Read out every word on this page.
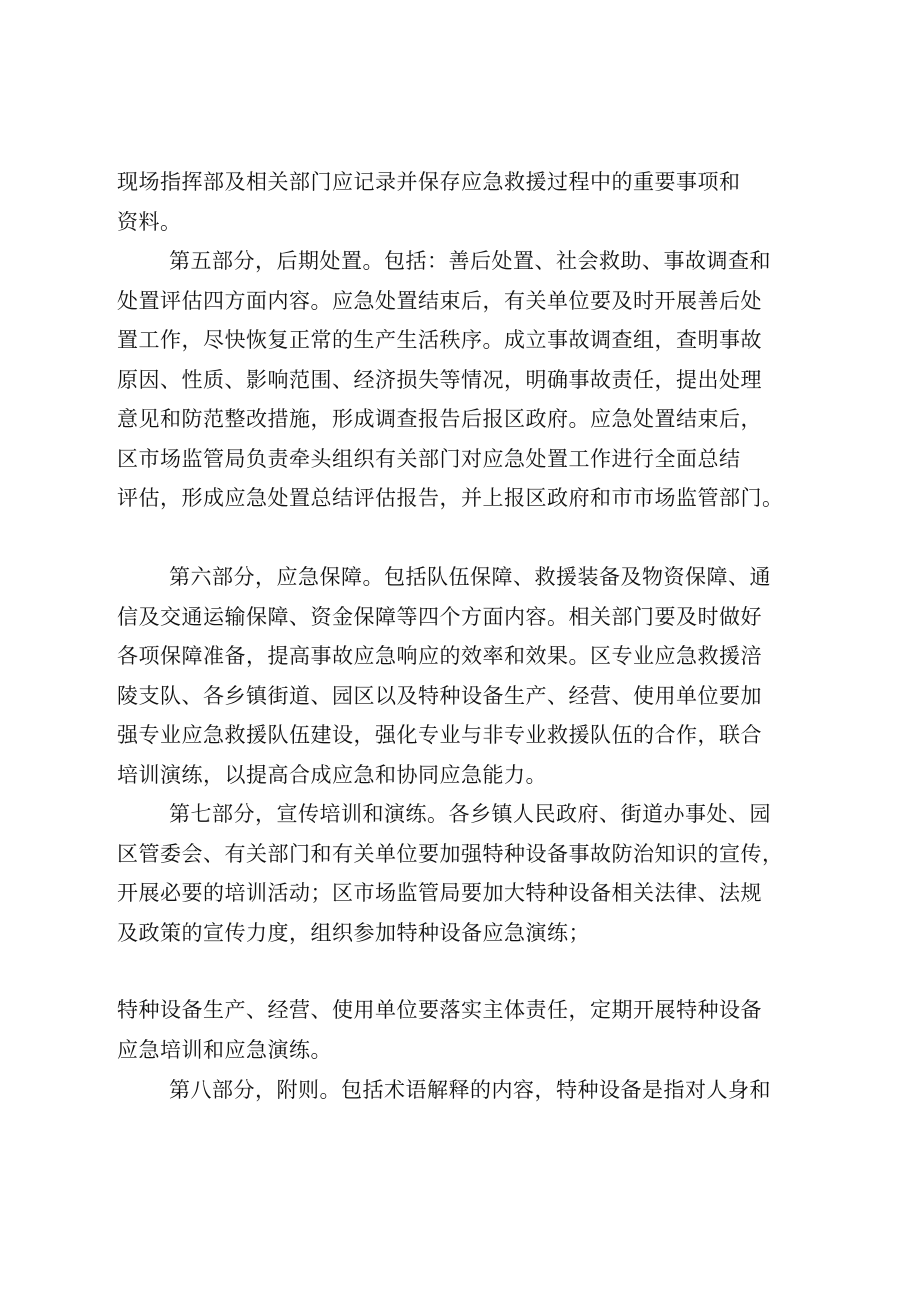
现场指挥部及相关部门应记录并保存应急救援过程中的重要事项和
资料。
第五部分，后期处置。包括：善后处置、社会救助、事故调查和
处置评估四方面内容。应急处置结束后，有关单位要及时开展善后处
置工作，尽快恢复正常的生产生活秩序。成立事故调查组，查明事故
原因、性质、影响范围、经济损失等情况，明确事故责任，提出处理
意见和防范整改措施，形成调查报告后报区政府。应急处置结束后，
区市场监管局负责牵头组织有关部门对应急处置工作进行全面总结
评估，形成应急处置总结评估报告，并上报区政府和市市场监管部门。
第六部分，应急保障。包括队伍保障、救援装备及物资保障、通
信及交通运输保障、资金保障等四个方面内容。相关部门要及时做好
各项保障准备，提高事故应急响应的效率和效果。区专业应急救援涪
陵支队、各乡镇街道、园区以及特种设备生产、经营、使用单位要加
强专业应急救援队伍建设，强化专业与非专业救援队伍的合作，联合
培训演练，以提高合成应急和协同应急能力。
第七部分，宣传培训和演练。各乡镇人民政府、街道办事处、园
区管委会、有关部门和有关单位要加强特种设备事故防治知识的宣传，
开展必要的培训活动；区市场监管局要加大特种设备相关法律、法规
及政策的宣传力度，组织参加特种设备应急演练；
特种设备生产、经营、使用单位要落实主体责任，定期开展特种设备
应急培训和应急演练。
第八部分，附则。包括术语解释的内容，特种设备是指对人身和
